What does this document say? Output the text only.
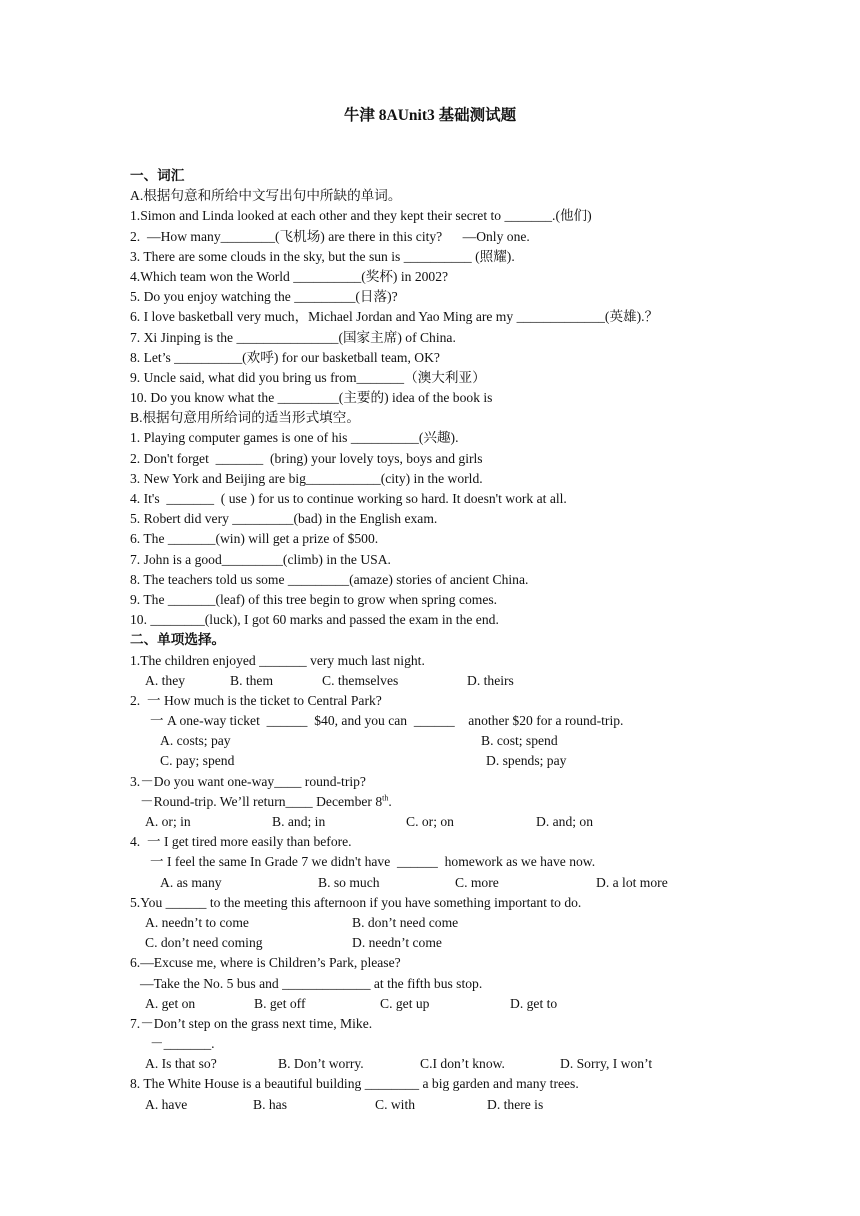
牛津 8AUnit3 基础测试题
一、词汇
A.根据句意和所给中文写出句中所缺的单词。
1.Simon and Linda looked at each other and they kept their secret to _______.(他们)
2.  —How many________(飞机场) are there in this city?      —Only one.
3. There are some clouds in the sky, but the sun is __________ (照耀).
4.Which team won the World __________(奖杯) in 2002?
5. Do you enjoy watching the _________(日落)?
6. I love basketball very much，Michael Jordan and Yao Ming are my _____________(英雄).？
7. Xi Jinping is the _______________(国家主席) of China.
8. Let’s __________(欢呼) for our basketball team, OK?
9. Uncle said, what did you bring us from_______（澳大利亚）
10. Do you know what the _________(主要的) idea of the book is
B.根据句意用所给词的适当形式填空。
1. Playing computer games is one of his __________(兴趣).
2. Don't forget  _______  (bring) your lovely toys, boys and girls
3. New York and Beijing are big___________(city) in the world.
4. It's  _______  ( use ) for us to continue working so hard. It doesn't work at all.
5. Robert did very _________(bad) in the English exam.
6. The _______(win) will get a prize of $500.
7. John is a good_________(climb) in the USA.
8. The teachers told us some _________(amaze) stories of ancient China.
9. The _______(leaf) of this tree begin to grow when spring comes.
10. ________(luck), I got 60 marks and passed the exam in the end.
二、单项选择。
1.The children enjoyed _______ very much last night.
A. they	B. them	C. themselves	D. theirs
2.  一 How much is the ticket to Central Park?
一 A one-way ticket  ______  $40, and you can  ______    another $20 for a round-trip.
A. costs; pay	B. cost; spend
C. pay; spend	D. spends; pay
3.－Do you want one-way____ round-trip?
－Round-trip. We’ll return____ December 8th.
A. or; in	B. and; in	C. or; on	D. and; on
4.  一 I get tired more easily than before.
一 I feel the same In Grade 7 we didn't have  ______  homework as we have now.
A. as many	B. so much	C. more	D. a lot more
5.You ______ to the meeting this afternoon if you have something important to do.
A. needn’t to come	B. don’t need come
C. don’t need coming	D. needn’t come
6.—Excuse me, where is Children’s Park, please?
—Take the No. 5 bus and _____________ at the fifth bus stop.
A. get on	B. get off	C. get up	D. get to
7.－Don’t step on the grass next time, Mike.
－_______.
A. Is that so?	B. Don’t worry.	C.I don’t know.	D. Sorry, I won’t
8. The White House is a beautiful building ________ a big garden and many trees.
A. have	B. has	C. with	D. there is
